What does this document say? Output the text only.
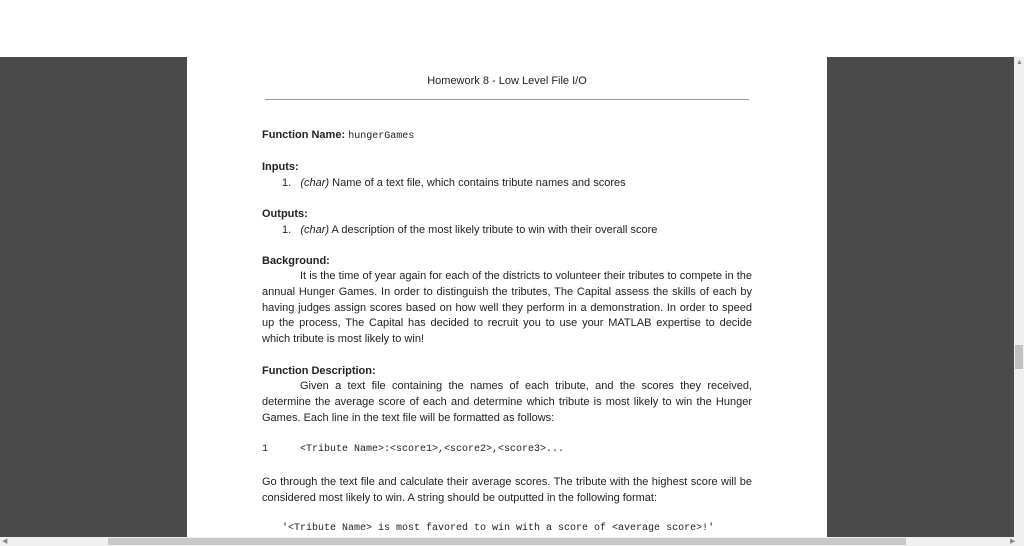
Homework 8 - Low Level File I/O
Function Name: hungerGames
Inputs:
1. (char) Name of a text file, which contains tribute names and scores
Outputs:
1. (char) A description of the most likely tribute to win with their overall score
Background:
It is the time of year again for each of the districts to volunteer their tributes to compete in the annual Hunger Games. In order to distinguish the tributes, The Capital assess the skills of each by having judges assign scores based on how well they perform in a demonstration. In order to speed up the process, The Capital has decided to recruit you to use your MATLAB expertise to decide which tribute is most likely to win!
Function Description:
Given a text file containing the names of each tribute, and the scores they received, determine the average score of each and determine which tribute is most likely to win the Hunger Games. Each line in the text file will be formatted as follows:
1	<Tribute Name>:<score1>,<score2>,<score3>...
Go through the text file and calculate their average scores. The tribute with the highest score will be considered most likely to win. A string should be outputted in the following format:
'<Tribute Name> is most favored to win with a score of <average score>!'
▲
◀	▶
